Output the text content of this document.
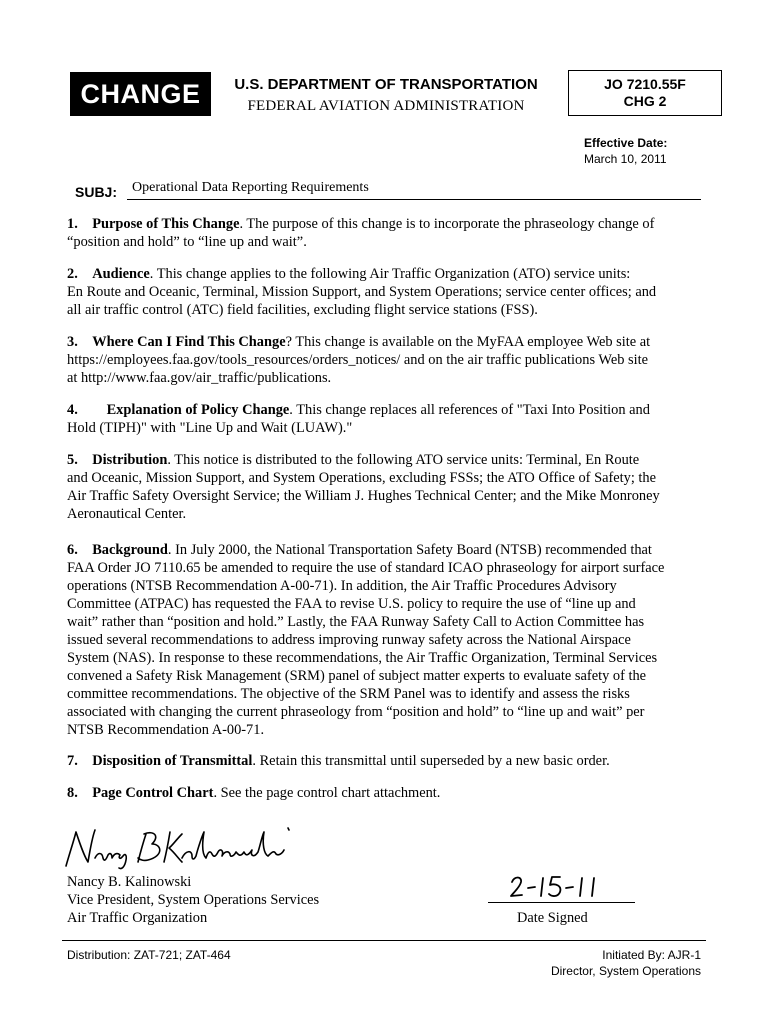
CHANGE	U.S. DEPARTMENT OF TRANSPORTATION
FEDERAL AVIATION ADMINISTRATION
JO 7210.55F
CHG 2
Effective Date:
March 10, 2011
SUBJ: Operational Data Reporting Requirements
1. Purpose of This Change. The purpose of this change is to incorporate the phraseology change of
“position and hold” to “line up and wait”.
2. Audience. This change applies to the following Air Traffic Organization (ATO) service units:
En Route and Oceanic, Terminal, Mission Support, and System Operations; service center offices; and
all air traffic control (ATC) field facilities, excluding flight service stations (FSS).
3. Where Can I Find This Change? This change is available on the MyFAA employee Web site at
https://employees.faa.gov/tools_resources/orders_notices/ and on the air traffic publications Web site
at http://www.faa.gov/air_traffic/publications.
4. Explanation of Policy Change. This change replaces all references of "Taxi Into Position and
Hold (TIPH)" with "Line Up and Wait (LUAW)."
5. Distribution. This notice is distributed to the following ATO service units: Terminal, En Route
and Oceanic, Mission Support, and System Operations, excluding FSSs; the ATO Office of Safety; the
Air Traffic Safety Oversight Service; the William J. Hughes Technical Center; and the Mike Monroney
Aeronautical Center.
6. Background. In July 2000, the National Transportation Safety Board (NTSB) recommended that
FAA Order JO 7110.65 be amended to require the use of standard ICAO phraseology for airport surface
operations (NTSB Recommendation A-00-71). In addition, the Air Traffic Procedures Advisory
Committee (ATPAC) has requested the FAA to revise U.S. policy to require the use of “line up and
wait” rather than “position and hold.” Lastly, the FAA Runway Safety Call to Action Committee has
issued several recommendations to address improving runway safety across the National Airspace
System (NAS). In response to these recommendations, the Air Traffic Organization, Terminal Services
convened a Safety Risk Management (SRM) panel of subject matter experts to evaluate safety of the
committee recommendations. The objective of the SRM Panel was to identify and assess the risks
associated with changing the current phraseology from “position and hold” to “line up and wait” per
NTSB Recommendation A-00-71.
7. Disposition of Transmittal. Retain this transmittal until superseded by a new basic order.
8. Page Control Chart. See the page control chart attachment.
Nancy B. Kalinowski
Vice President, System Operations Services
Air Traffic Organization	Date Signed
Distribution: ZAT-721; ZAT-464	Initiated By: AJR-1
Director, System Operations
